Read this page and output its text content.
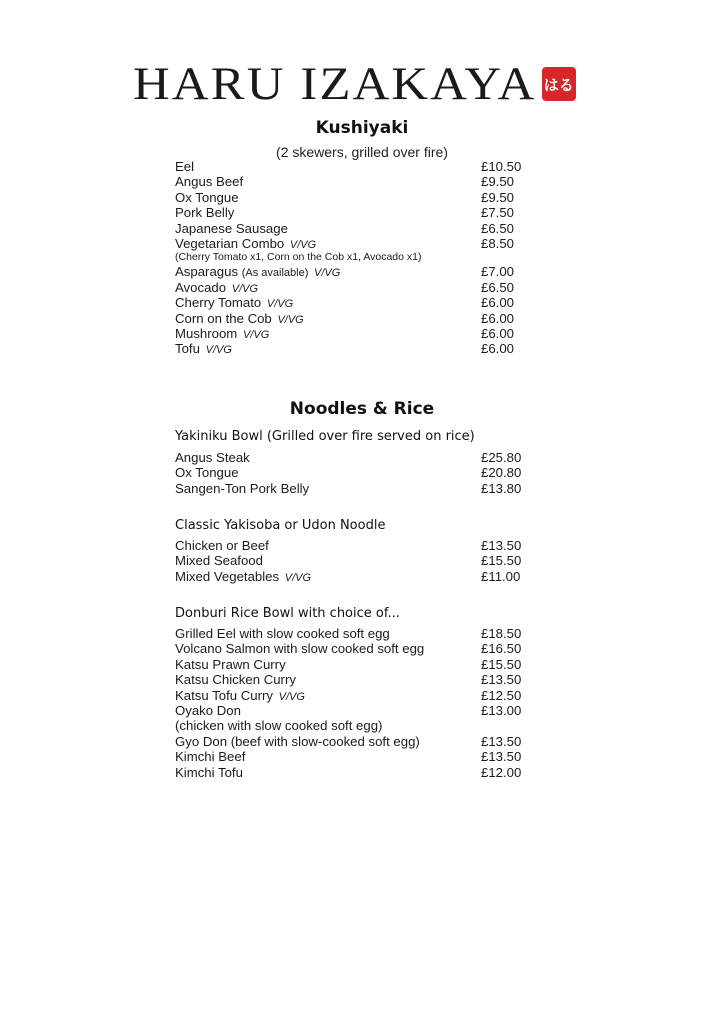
HARU IZAKAYA はる
Kushiyaki
(2 skewers, grilled over fire)
Eel	£10.50
Angus Beef	£9.50
Ox Tongue	£9.50
Pork Belly	£7.50
Japanese Sausage	£6.50
Vegetarian Combo V/VG	£8.50
(Cherry Tomato x1, Corn on the Cob x1, Avocado x1)
Asparagus (As available) V/VG	£7.00
Avocado V/VG	£6.50
Cherry Tomato V/VG	£6.00
Corn on the Cob V/VG	£6.00
Mushroom V/VG	£6.00
Tofu V/VG	£6.00
Noodles & Rice
Yakiniku Bowl (Grilled over fire served on rice)
Angus Steak	£25.80
Ox Tongue	£20.80
Sangen-Ton Pork Belly	£13.80
Classic Yakisoba or Udon Noodle
Chicken or Beef	£13.50
Mixed Seafood	£15.50
Mixed Vegetables V/VG	£11.00
Donburi Rice Bowl with choice of...
Grilled Eel with slow cooked soft egg	£18.50
Volcano Salmon with slow cooked soft egg	£16.50
Katsu Prawn Curry	£15.50
Katsu Chicken Curry	£13.50
Katsu Tofu Curry V/VG	£12.50
Oyako Don	£13.00
(chicken with slow cooked soft egg)
Gyo Don (beef with slow-cooked soft egg)	£13.50
Kimchi Beef	£13.50
Kimchi Tofu	£12.00
